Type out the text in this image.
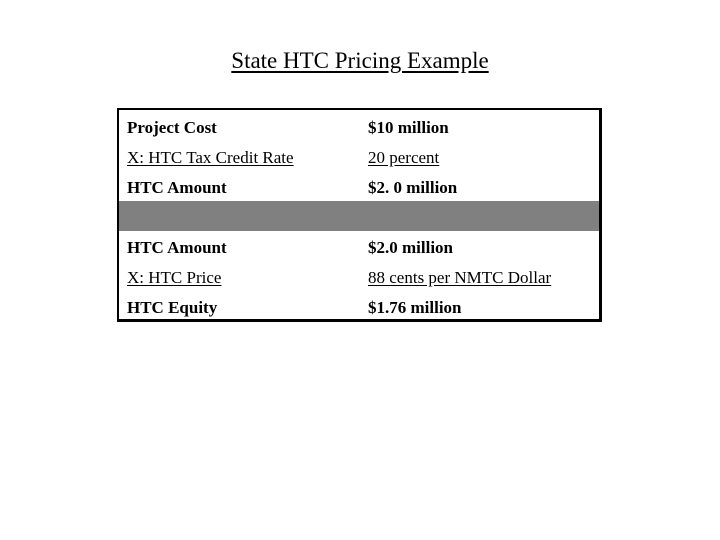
State HTC Pricing Example
Project Cost	$10 million
X: HTC Tax Credit Rate	20 percent
HTC Amount	$2. 0 million
HTC Amount	$2.0 million
X: HTC Price	88 cents per NMTC Dollar
HTC Equity	$1.76 million
